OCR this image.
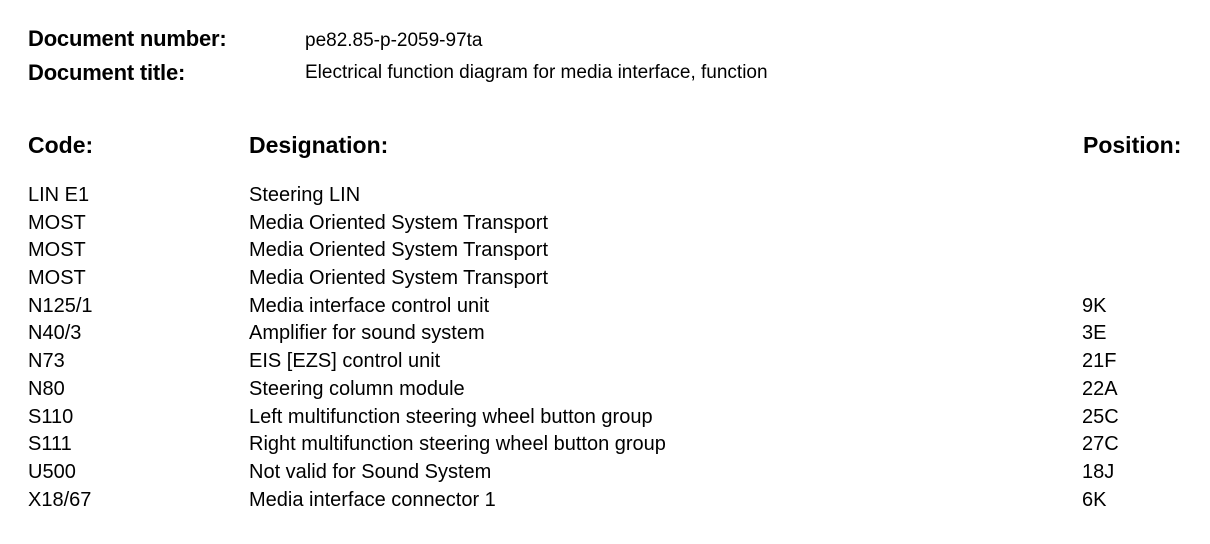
Document number:	pe82.85-p-2059-97ta
Document title:	Electrical function diagram for media interface, function
Code:	Designation:	Position:
LIN E1	Steering LIN
MOST	Media Oriented System Transport
MOST	Media Oriented System Transport
MOST	Media Oriented System Transport
N125/1	Media interface control unit	9K
N40/3	Amplifier for sound system	3E
N73	EIS [EZS] control unit	21F
N80	Steering column module	22A
S110	Left multifunction steering wheel button group	25C
S111	Right multifunction steering wheel button group	27C
U500	Not valid for Sound System	18J
X18/67	Media interface connector 1	6K
